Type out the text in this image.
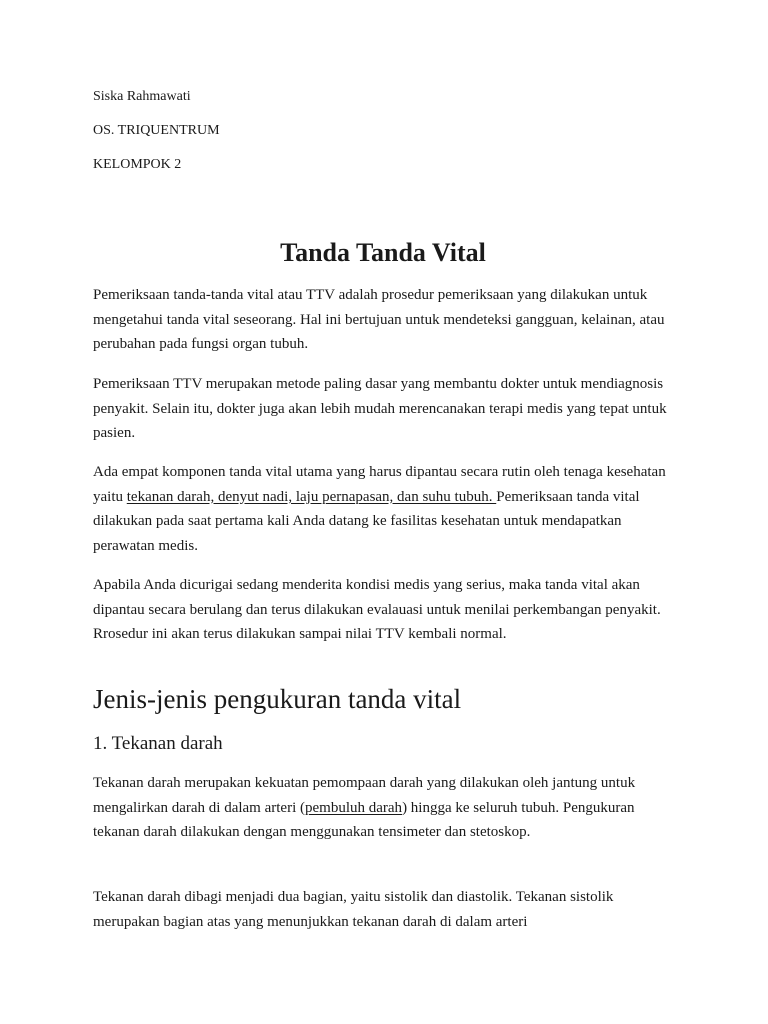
Siska Rahmawati
OS. TRIQUENTRUM
KELOMPOK 2
Tanda Tanda Vital

Pemeriksaan tanda-tanda vital atau TTV adalah prosedur pemeriksaan yang dilakukan untuk mengetahui tanda vital seseorang. Hal ini bertujuan untuk mendeteksi gangguan, kelainan, atau perubahan pada fungsi organ tubuh.

Pemeriksaan TTV merupakan metode paling dasar yang membantu dokter untuk mendiagnosis penyakit. Selain itu, dokter juga akan lebih mudah merencanakan terapi medis yang tepat untuk pasien.

Ada empat komponen tanda vital utama yang harus dipantau secara rutin oleh tenaga kesehatan yaitu tekanan darah, denyut nadi, laju pernapasan, dan suhu tubuh. Pemeriksaan tanda vital dilakukan pada saat pertama kali Anda datang ke fasilitas kesehatan untuk mendapatkan perawatan medis.

Apabila Anda dicurigai sedang menderita kondisi medis yang serius, maka tanda vital akan dipantau secara berulang dan terus dilakukan evalauasi untuk menilai perkembangan penyakit. Rrosedur ini akan terus dilakukan sampai nilai TTV kembali normal.

Jenis-jenis pengukuran tanda vital
1. Tekanan darah

Tekanan darah merupakan kekuatan pemompaan darah yang dilakukan oleh jantung untuk mengalirkan darah di dalam arteri (pembuluh darah) hingga ke seluruh tubuh. Pengukuran tekanan darah dilakukan dengan menggunakan tensimeter dan stetoskop.

Tekanan darah dibagi menjadi dua bagian, yaitu sistolik dan diastolik. Tekanan sistolik merupakan bagian atas yang menunjukkan tekanan darah di dalam arteri
